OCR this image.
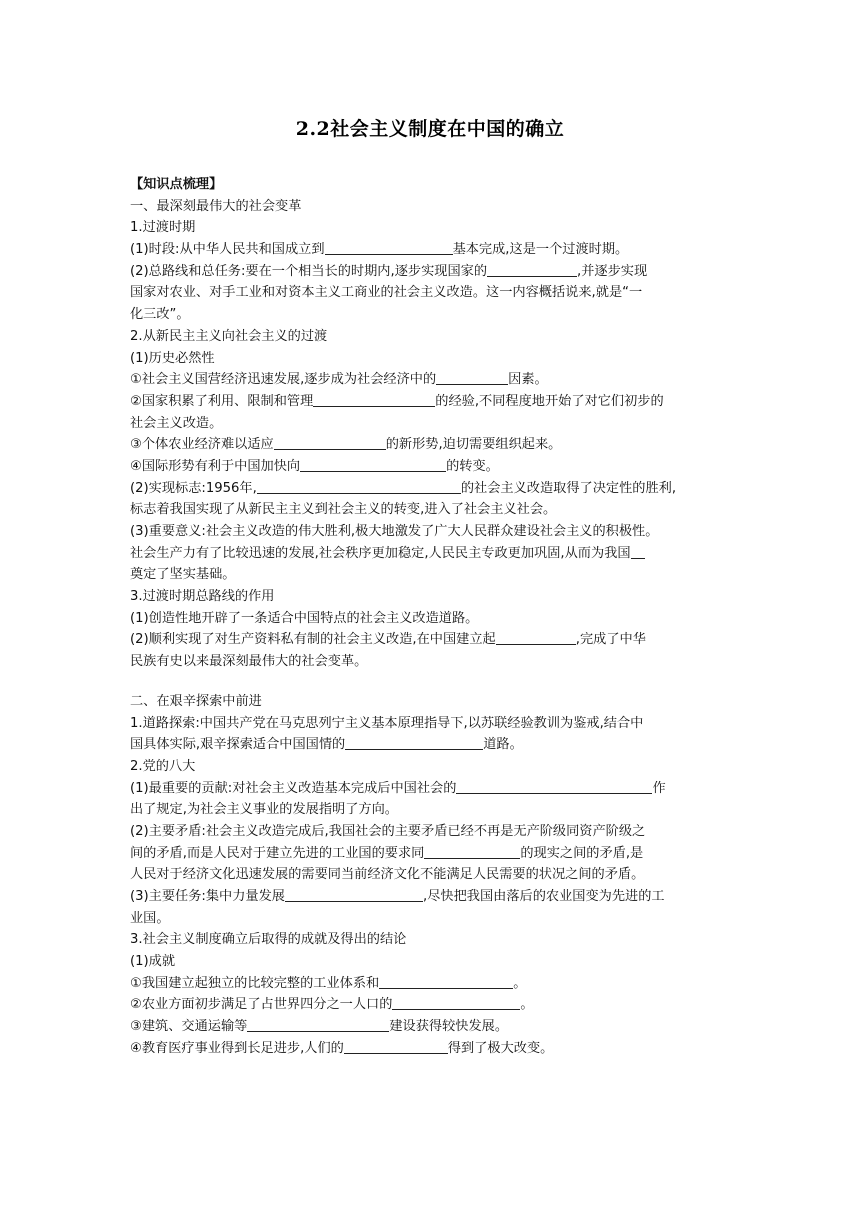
2.2社会主义制度在中国的确立
【知识点梳理】
一、最深刻最伟大的社会变革
1.过渡时期
(1)时段:从中华人民共和国成立到	基本完成,这是一个过渡时期。
(2)总路线和总任务:要在一个相当长的时期内,逐步实现国家的	,并逐步实现
国家对农业、对手工业和对资本主义工商业的社会主义改造。这一内容概括说来,就是“一
化三改”。
2.从新民主主义向社会主义的过渡
(1)历史必然性
①社会主义国营经济迅速发展,逐步成为社会经济中的	因素。
②国家积累了利用、限制和管理	的经验,不同程度地开始了对它们初步的
社会主义改造。
③个体农业经济难以适应	的新形势,迫切需要组织起来。
④国际形势有利于中国加快向	的转变。
(2)实现标志:1956年,	的社会主义改造取得了决定性的胜利,
标志着我国实现了从新民主主义到社会主义的转变,进入了社会主义社会。
(3)重要意义:社会主义改造的伟大胜利,极大地激发了广大人民群众建设社会主义的积极性。
社会生产力有了比较迅速的发展,社会秩序更加稳定,人民民主专政更加巩固,从而为我国
奠定了坚实基础。
3.过渡时期总路线的作用
(1)创造性地开辟了一条适合中国特点的社会主义改造道路。
(2)顺利实现了对生产资料私有制的社会主义改造,在中国建立起	,完成了中华
民族有史以来最深刻最伟大的社会变革。
二、在艰辛探索中前进
1.道路探索:中国共产党在马克思列宁主义基本原理指导下,以苏联经验教训为鉴戒,结合中
国具体实际,艰辛探索适合中国国情的	道路。
2.党的八大
(1)最重要的贡献:对社会主义改造基本完成后中国社会的	作
出了规定,为社会主义事业的发展指明了方向。
(2)主要矛盾:社会主义改造完成后,我国社会的主要矛盾已经不再是无产阶级同资产阶级之
间的矛盾,而是人民对于建立先进的工业国的要求同	的现实之间的矛盾,是
人民对于经济文化迅速发展的需要同当前经济文化不能满足人民需要的状况之间的矛盾。
(3)主要任务:集中力量发展	,尽快把我国由落后的农业国变为先进的工
业国。
3.社会主义制度确立后取得的成就及得出的结论
(1)成就
①我国建立起独立的比较完整的工业体系和	。
②农业方面初步满足了占世界四分之一人口的	。
③建筑、交通运输等	建设获得较快发展。
④教育医疗事业得到长足进步,人们的	得到了极大改变。
